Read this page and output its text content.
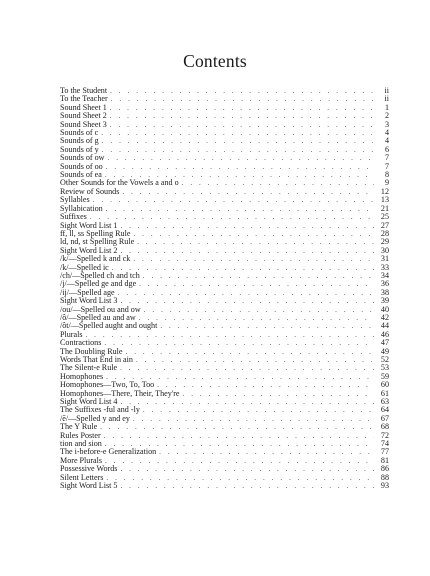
Contents
To the Student . . .	ii
To the Teacher . . .	ii
Sound Sheet 1 . . .	1
Sound Sheet 2 . . .	2
Sound Sheet 3 . . .	3
Sounds of c . . .	4
Sounds of g . . .	4
Sounds of y . . .	6
Sounds of ow . . .	7
Sounds of oo . . .	7
Sounds of ea . . .	8
Other Sounds for the Vowels a and o . . .	9
Review of Sounds . . .	12
Syllables . . .	13
Syllabication . . .	21
Suffixes . . .	25
Sight Word List 1 . . .	27
ff, ll, ss Spelling Rule . . .	28
ld, nd, st Spelling Rule . . .	29
Sight Word List 2 . . .	30
/k/—Spelled k and ck . . .	31
/k/—Spelled ic . . .	33
/ch/—Spelled ch and tch . . .	34
/j/—Spelled ge and dge . . .	36
/ij/—Spelled age . . .	38
Sight Word List 3 . . .	39
/ou/—Spelled ou and ow . . .	40
/ô/—Spelled au and aw . . .	42
/ôt/—Spelled aught and ought . . .	44
Plurals . . .	46
Contractions . . .	47
The Doubling Rule . . .	49
Words That End in ain . . .	52
The Silent-e Rule . . .	53
Homophones . . .	59
Homophones—Two, To, Too . . .	60
Homophones—There, Their, They're . . .	61
Sight Word List 4 . . .	63
The Suffixes -ful and -ly . . .	64
/ē/—Spelled y and ey . . .	67
The Y Rule . . .	68
Rules Poster . . .	72
tion and sion . . .	74
The i-before-e Generalization . . .	77
More Plurals . . .	81
Possessive Words . . .	86
Silent Letters . . .	88
Sight Word List 5 . . .	93
